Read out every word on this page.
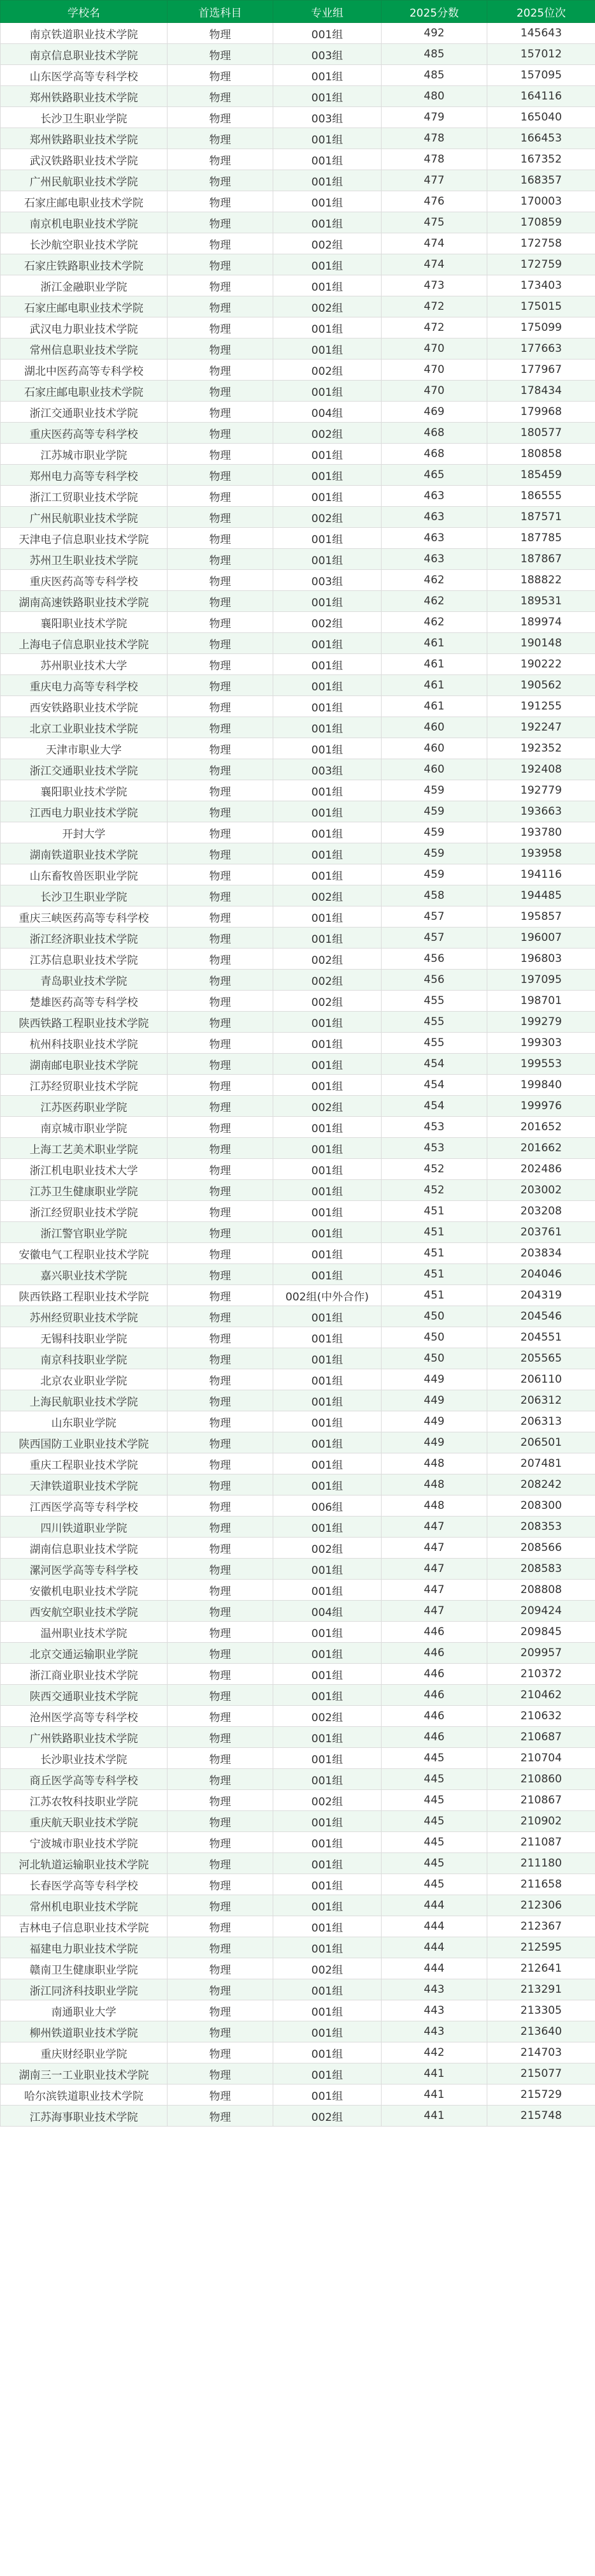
学校名	首选科目	专业组	2025分数	2025位次
南京铁道职业技术学院	物理	001组	492	145643
南京信息职业技术学院	物理	003组	485	157012
山东医学高等专科学校	物理	001组	485	157095
郑州铁路职业技术学院	物理	001组	480	164116
长沙卫生职业学院	物理	003组	479	165040
郑州铁路职业技术学院	物理	001组	478	166453
武汉铁路职业技术学院	物理	001组	478	167352
广州民航职业技术学院	物理	001组	477	168357
石家庄邮电职业技术学院	物理	001组	476	170003
南京机电职业技术学院	物理	001组	475	170859
长沙航空职业技术学院	物理	002组	474	172758
石家庄铁路职业技术学院	物理	001组	474	172759
浙江金融职业学院	物理	001组	473	173403
石家庄邮电职业技术学院	物理	002组	472	175015
武汉电力职业技术学院	物理	001组	472	175099
常州信息职业技术学院	物理	001组	470	177663
湖北中医药高等专科学校	物理	002组	470	177967
石家庄邮电职业技术学院	物理	001组	470	178434
浙江交通职业技术学院	物理	004组	469	179968
重庆医药高等专科学校	物理	002组	468	180577
江苏城市职业学院	物理	001组	468	180858
郑州电力高等专科学校	物理	001组	465	185459
浙江工贸职业技术学院	物理	001组	463	186555
广州民航职业技术学院	物理	002组	463	187571
天津电子信息职业技术学院	物理	001组	463	187785
苏州卫生职业技术学院	物理	001组	463	187867
重庆医药高等专科学校	物理	003组	462	188822
湖南高速铁路职业技术学院	物理	001组	462	189531
襄阳职业技术学院	物理	002组	462	189974
上海电子信息职业技术学院	物理	001组	461	190148
苏州职业技术大学	物理	001组	461	190222
重庆电力高等专科学校	物理	001组	461	190562
西安铁路职业技术学院	物理	001组	461	191255
北京工业职业技术学院	物理	001组	460	192247
天津市职业大学	物理	001组	460	192352
浙江交通职业技术学院	物理	003组	460	192408
襄阳职业技术学院	物理	001组	459	192779
江西电力职业技术学院	物理	001组	459	193663
开封大学	物理	001组	459	193780
湖南铁道职业技术学院	物理	001组	459	193958
山东畜牧兽医职业学院	物理	001组	459	194116
长沙卫生职业学院	物理	002组	458	194485
重庆三峡医药高等专科学校	物理	001组	457	195857
浙江经济职业技术学院	物理	001组	457	196007
江苏信息职业技术学院	物理	002组	456	196803
青岛职业技术学院	物理	002组	456	197095
楚雄医药高等专科学校	物理	002组	455	198701
陕西铁路工程职业技术学院	物理	001组	455	199279
杭州科技职业技术学院	物理	001组	455	199303
湖南邮电职业技术学院	物理	001组	454	199553
江苏经贸职业技术学院	物理	001组	454	199840
江苏医药职业学院	物理	002组	454	199976
南京城市职业学院	物理	001组	453	201652
上海工艺美术职业学院	物理	001组	453	201662
浙江机电职业技术大学	物理	001组	452	202486
江苏卫生健康职业学院	物理	001组	452	203002
浙江经贸职业技术学院	物理	001组	451	203208
浙江警官职业学院	物理	001组	451	203761
安徽电气工程职业技术学院	物理	001组	451	203834
嘉兴职业技术学院	物理	001组	451	204046
陕西铁路工程职业技术学院	物理	002组(中外合作)	451	204319
苏州经贸职业技术学院	物理	001组	450	204546
无锡科技职业学院	物理	001组	450	204551
南京科技职业学院	物理	001组	450	205565
北京农业职业学院	物理	001组	449	206110
上海民航职业技术学院	物理	001组	449	206312
山东职业学院	物理	001组	449	206313
陕西国防工业职业技术学院	物理	001组	449	206501
重庆工程职业技术学院	物理	001组	448	207481
天津铁道职业技术学院	物理	001组	448	208242
江西医学高等专科学校	物理	006组	448	208300
四川铁道职业学院	物理	001组	447	208353
湖南信息职业技术学院	物理	002组	447	208566
漯河医学高等专科学校	物理	001组	447	208583
安徽机电职业技术学院	物理	001组	447	208808
西安航空职业技术学院	物理	004组	447	209424
温州职业技术学院	物理	001组	446	209845
北京交通运输职业学院	物理	001组	446	209957
浙江商业职业技术学院	物理	001组	446	210372
陕西交通职业技术学院	物理	001组	446	210462
沧州医学高等专科学校	物理	002组	446	210632
广州铁路职业技术学院	物理	001组	446	210687
长沙职业技术学院	物理	001组	445	210704
商丘医学高等专科学校	物理	001组	445	210860
江苏农牧科技职业学院	物理	002组	445	210867
重庆航天职业技术学院	物理	001组	445	210902
宁波城市职业技术学院	物理	001组	445	211087
河北轨道运输职业技术学院	物理	001组	445	211180
长春医学高等专科学校	物理	001组	445	211658
常州机电职业技术学院	物理	001组	444	212306
吉林电子信息职业技术学院	物理	001组	444	212367
福建电力职业技术学院	物理	001组	444	212595
赣南卫生健康职业学院	物理	002组	444	212641
浙江同济科技职业学院	物理	001组	443	213291
南通职业大学	物理	001组	443	213305
柳州铁道职业技术学院	物理	001组	443	213640
重庆财经职业学院	物理	001组	442	214703
湖南三一工业职业技术学院	物理	001组	441	215077
哈尔滨铁道职业技术学院	物理	001组	441	215729
江苏海事职业技术学院	物理	002组	441	215748
